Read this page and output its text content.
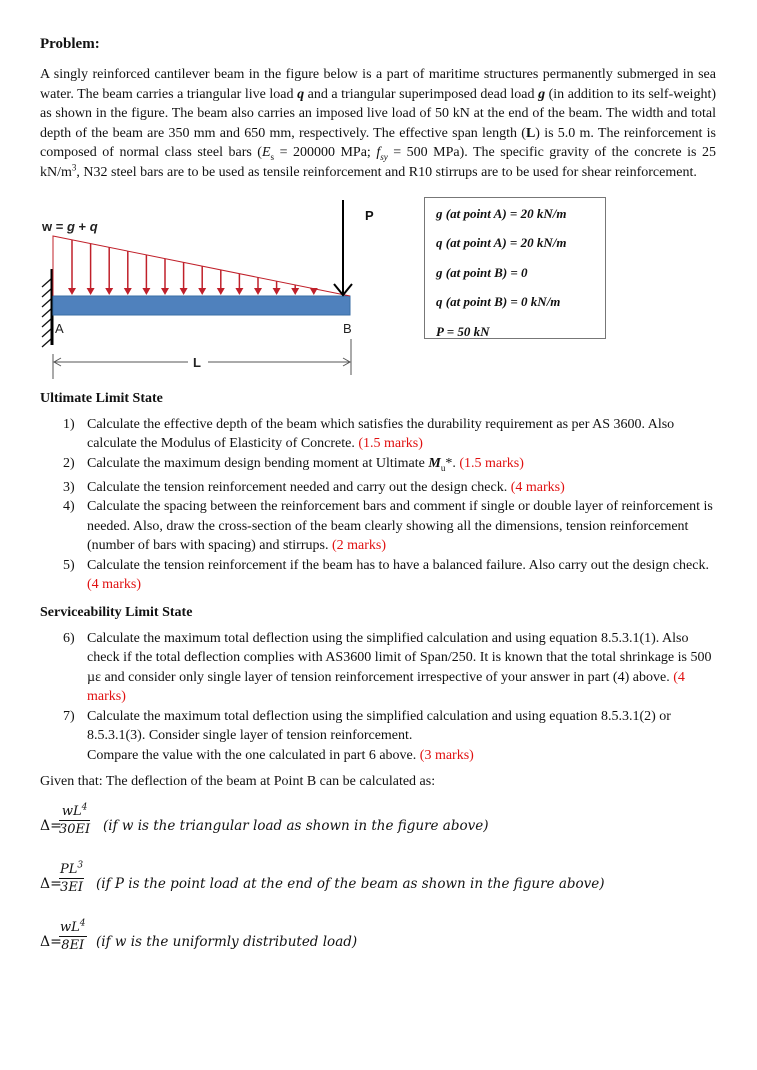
Problem:

A singly reinforced cantilever beam in the figure below is a part of maritime structures permanently submerged in sea water. The beam carries a triangular live load q and a triangular superimposed dead load g (in addition to its self-weight) as shown in the figure. The beam also carries an imposed live load of 50 kN at the end of the beam. The width and total depth of the beam are 350 mm and 650 mm, respectively. The effective span length (L) is 5.0 m. The reinforcement is composed of normal class steel bars ($E_s = 200000$ MPa; $f_{sy} = 500$ MPa). The specific gravity of the concrete is 25 $kN/m^3$, N32 steel bars are to be used as tensile reinforcement and R10 stirrups are to be used for shear reinforcement.

w = g + q
P
A	B
L
g (at point A) = 20 kN/m
q (at point A) = 20 kN/m
g (at point B) = 0
q (at point B) = 0 kN/m
P = 50 kN

Ultimate Limit State

1) Calculate the effective depth of the beam which satisfies the durability requirement as per AS 3600. Also calculate the Modulus of Elasticity of Concrete. (1.5 marks)
2) Calculate the maximum design bending moment at Ultimate $M_u*$. (1.5 marks)
3) Calculate the tension reinforcement needed and carry out the design check. (4 marks)
4) Calculate the spacing between the reinforcement bars and comment if single or double layer of reinforcement is needed. Also, draw the cross-section of the beam clearly showing all the dimensions, tension reinforcement (number of bars with spacing) and stirrups. (2 marks)
5) Calculate the tension reinforcement if the beam has to have a balanced failure. Also carry out the design check. (4 marks)

Serviceability Limit State

6) Calculate the maximum total deflection using the simplified calculation and using equation 8.5.3.1(1). Also check if the total deflection complies with AS3600 limit of Span/250. It is known that the total shrinkage is 500 µε and consider only single layer of tension reinforcement irrespective of your answer in part (4) above. (4 marks)
7) Calculate the maximum total deflection using the simplified calculation and using equation 8.5.3.1(2) or 8.5.3.1(3). Consider single layer of tension reinforcement.
Compare the value with the one calculated in part 6 above. (3 marks)

Given that: The deflection of the beam at Point B can be calculated as:

Δ=
$\frac{wL^4}{30EI} (if$ w is the triangular load as shown in the figure above)
Δ=
$\frac{PL^3}{3EI} (if$ P is the point load at the end of the beam as shown in the figure above)
Δ=
$\frac{wL^4}{8EI} (if$ w is the uniformly distributed load)
